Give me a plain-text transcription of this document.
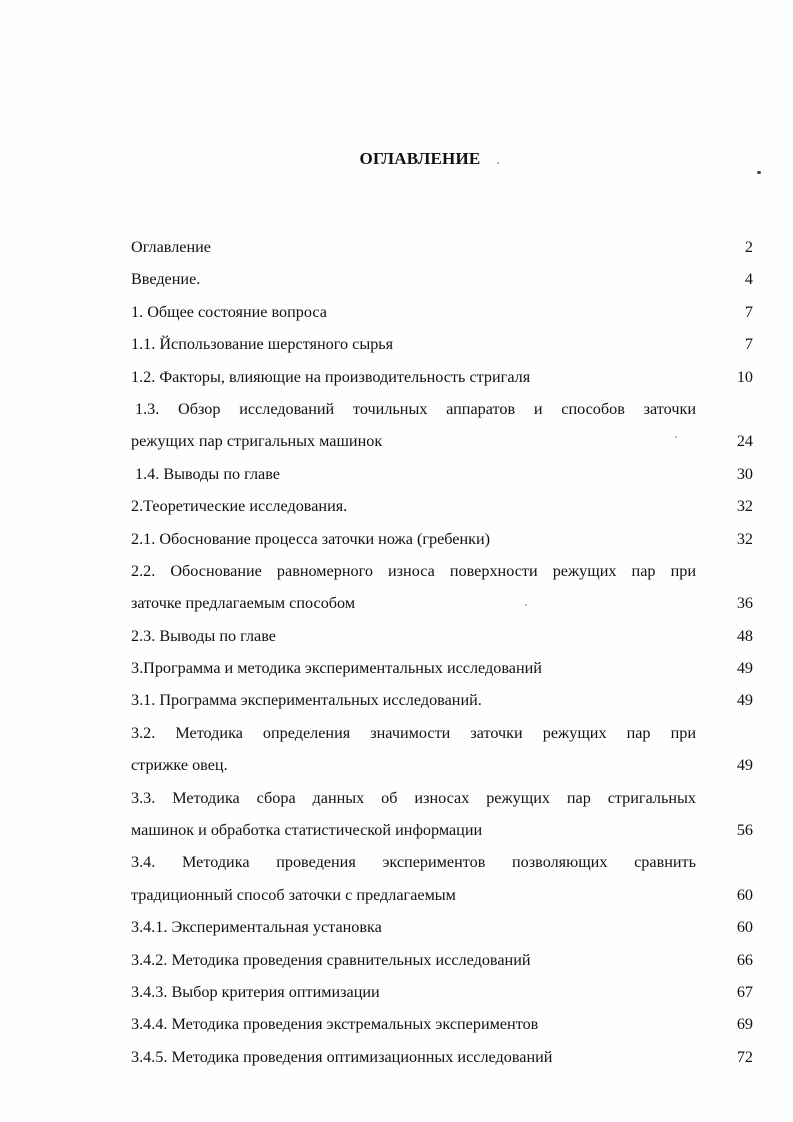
ОГЛАВЛЕНИЕ
Оглавление	2
Введение.	4
1. Общее состояние вопроса	7
1.1. Йспользование шерстяного сырья	7
1.2. Факторы, влияющие на производительность стригаля	10
1.3. Обзор исследований точильных аппаратов и способов заточки
режущих пар стригальных машинок	24
1.4. Выводы по главе	30
2.Теоретические исследования.	32
2.1. Обоснование процесса заточки ножа (гребенки)	32
2.2. Обоснование равномерного износа поверхности режущих пар при
заточке предлагаемым способом	36
2.3. Выводы по главе	48
3.Программа и методика экспериментальных исследований	49
3.1. Программа экспериментальных исследований.	49
3.2. Методика определения значимости заточки режущих пар при
стрижке овец.	49
3.3. Методика сбора данных об износах режущих пар стригальных
машинок и обработка статистической информации	56
3.4. Методика проведения экспериментов позволяющих сравнить
традиционный способ заточки с предлагаемым	60
3.4.1. Экспериментальная установка	60
3.4.2. Методика проведения сравнительных исследований	66
3.4.3. Выбор критерия оптимизации	67
3.4.4. Методика проведения экстремальных экспериментов	69
3.4.5. Методика проведения оптимизационных исследований	72
